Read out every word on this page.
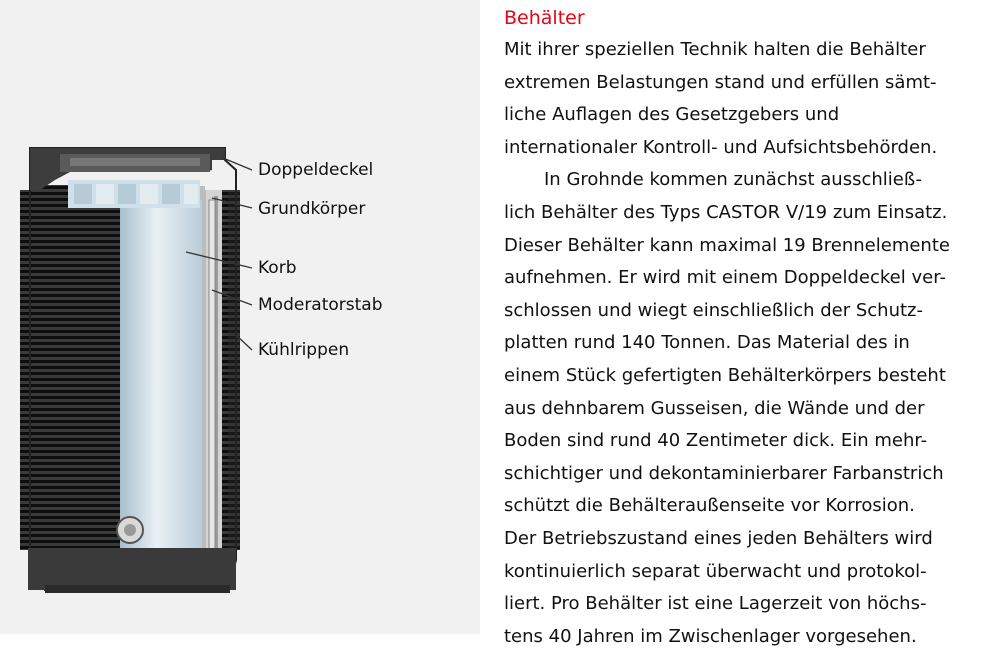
Doppeldeckel
Grundkörper
Korb
Moderatorstab
Kühlrippen
Behälter

Mit ihrer speziellen Technik halten die Behälter
extremen Belastungen stand und erfüllen sämt-
liche Auflagen des Gesetzgebers und
internationaler Kontroll- und Aufsichtsbehörden.

In Grohnde kommen zunächst ausschließ-
lich Behälter des Typs CASTOR V/19 zum Einsatz.
Dieser Behälter kann maximal 19 Brennelemente
aufnehmen. Er wird mit einem Doppeldeckel ver-
schlossen und wiegt einschließlich der Schutz-
platten rund 140 Tonnen. Das Material des in
einem Stück gefertigten Behälterkörpers besteht
aus dehnbarem Gusseisen, die Wände und der
Boden sind rund 40 Zentimeter dick. Ein mehr-
schichtiger und dekontaminierbarer Farbanstrich
schützt die Behälteraußenseite vor Korrosion.
Der Betriebszustand eines jeden Behälters wird
kontinuierlich separat überwacht und protokol-
liert. Pro Behälter ist eine Lagerzeit von höchs-
tens 40 Jahren im Zwischenlager vorgesehen.
